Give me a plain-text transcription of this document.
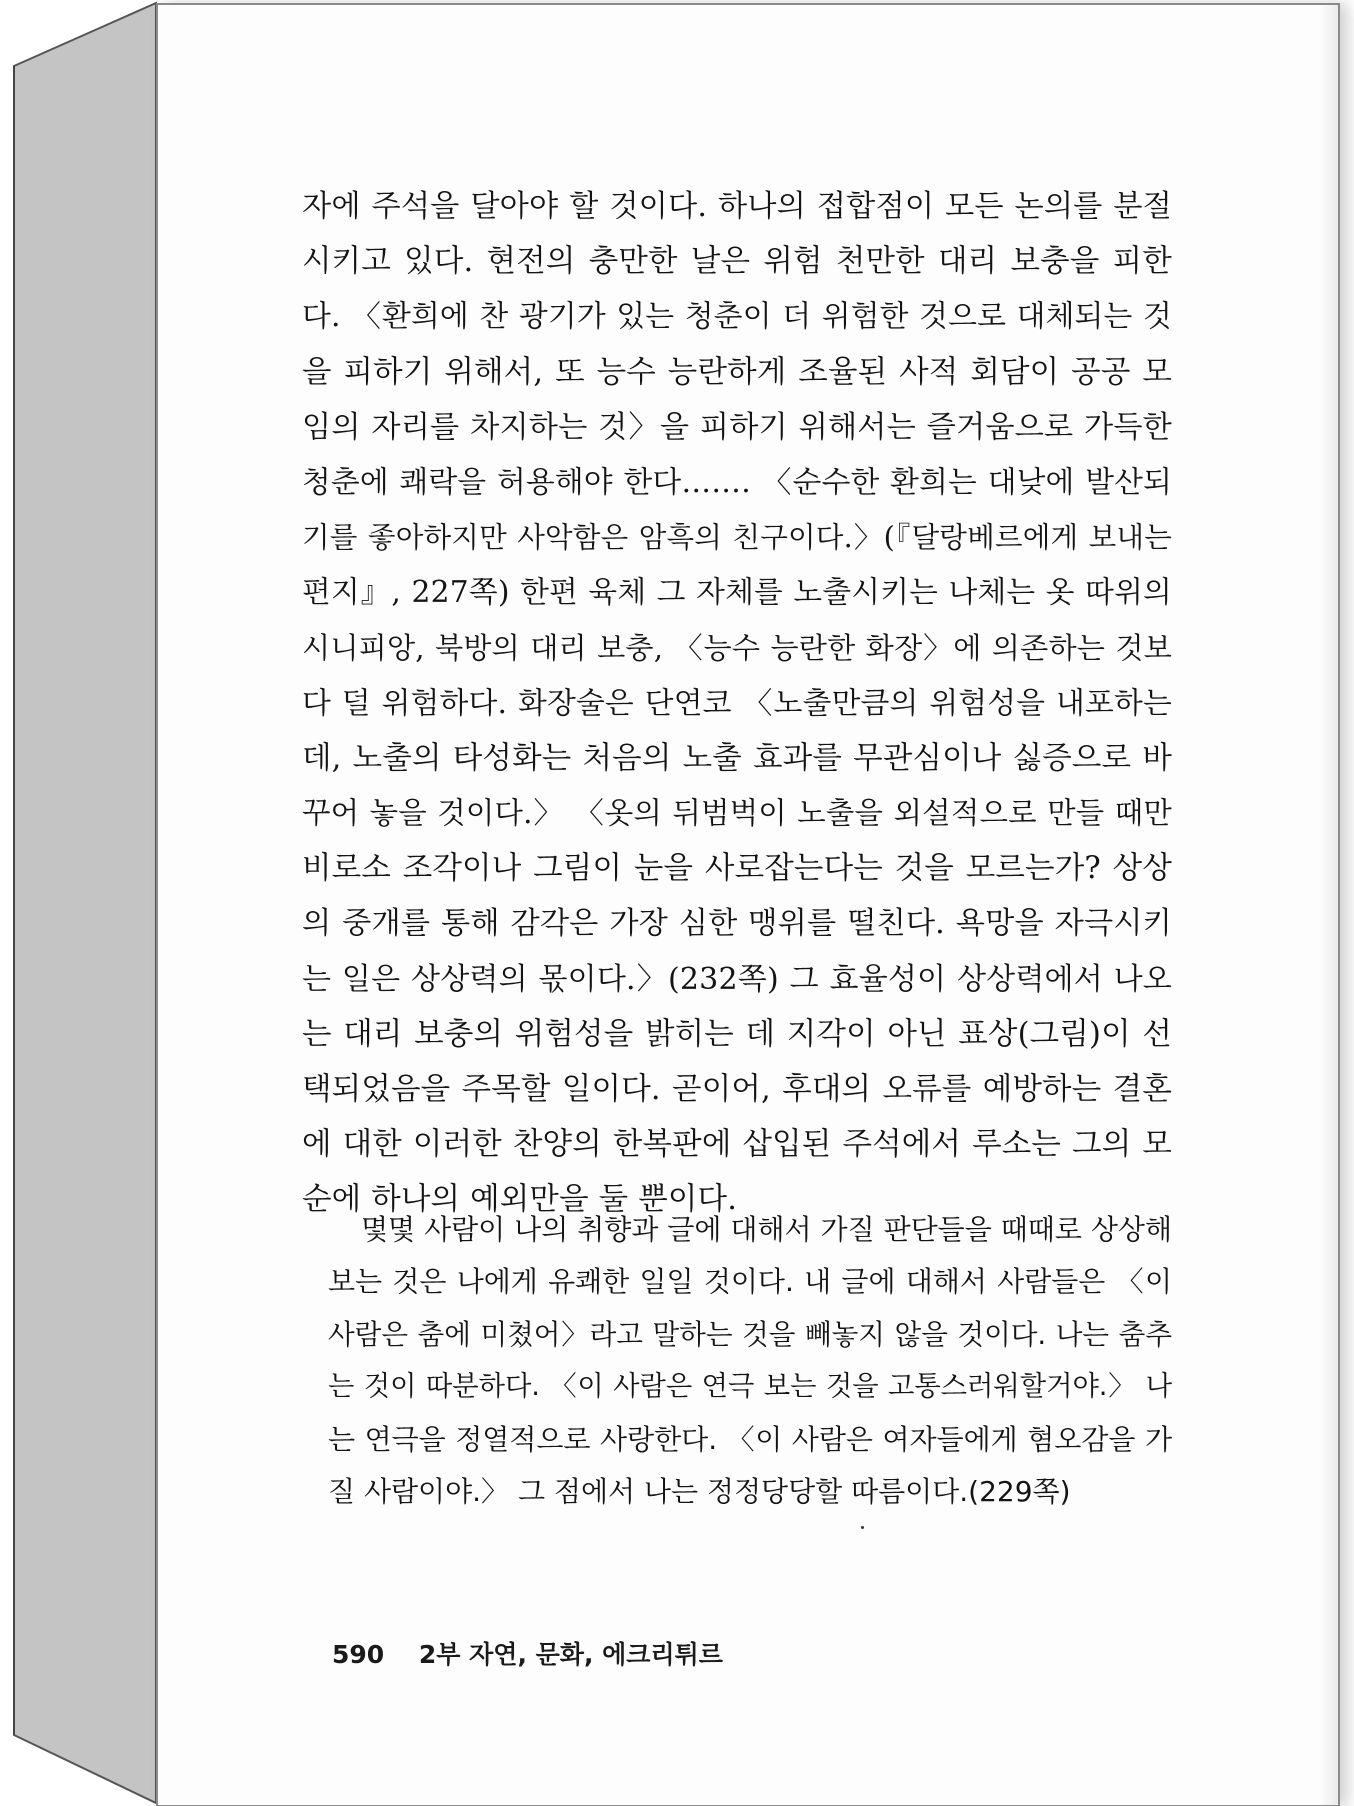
자에 주석을 달아야 할 것이다. 하나의 접합점이 모든 논의를 분절
시키고 있다. 현전의 충만한 날은 위험 천만한 대리 보충을 피한
다. 〈환희에 찬 광기가 있는 청춘이 더 위험한 것으로 대체되는 것
을 피하기 위해서, 또 능수 능란하게 조율된 사적 회담이 공공 모
임의 자리를 차지하는 것〉을 피하기 위해서는 즐거움으로 가득한
청춘에 쾌락을 허용해야 한다……. 〈순수한 환희는 대낮에 발산되
기를 좋아하지만 사악함은 암흑의 친구이다.〉(『달랑베르에게 보내는
편지』, 227쪽) 한편 육체 그 자체를 노출시키는 나체는 옷 따위의
시니피앙, 북방의 대리 보충, 〈능수 능란한 화장〉에 의존하는 것보
다 덜 위험하다. 화장술은 단연코 〈노출만큼의 위험성을 내포하는
데, 노출의 타성화는 처음의 노출 효과를 무관심이나 싫증으로 바
꾸어 놓을 것이다.〉 〈옷의 뒤범벅이 노출을 외설적으로 만들 때만
비로소 조각이나 그림이 눈을 사로잡는다는 것을 모르는가? 상상
의 중개를 통해 감각은 가장 심한 맹위를 떨친다. 욕망을 자극시키
는 일은 상상력의 몫이다.〉(232쪽) 그 효율성이 상상력에서 나오
는 대리 보충의 위험성을 밝히는 데 지각이 아닌 표상(그림)이 선
택되었음을 주목할 일이다. 곧이어, 후대의 오류를 예방하는 결혼
에 대한 이러한 찬양의 한복판에 삽입된 주석에서 루소는 그의 모
순에 하나의 예외만을 둘 뿐이다.
몇몇 사람이 나의 취향과 글에 대해서 가질 판단들을 때때로 상상해
보는 것은 나에게 유쾌한 일일 것이다. 내 글에 대해서 사람들은 〈이
사람은 춤에 미쳤어〉라고 말하는 것을 빼놓지 않을 것이다. 나는 춤추
는 것이 따분하다. 〈이 사람은 연극 보는 것을 고통스러워할거야.〉 나
는 연극을 정열적으로 사랑한다. 〈이 사람은 여자들에게 혐오감을 가
질 사람이야.〉 그 점에서 나는 정정당당할 따름이다.(229쪽)
590 2부 자연, 문화, 에크리튀르
